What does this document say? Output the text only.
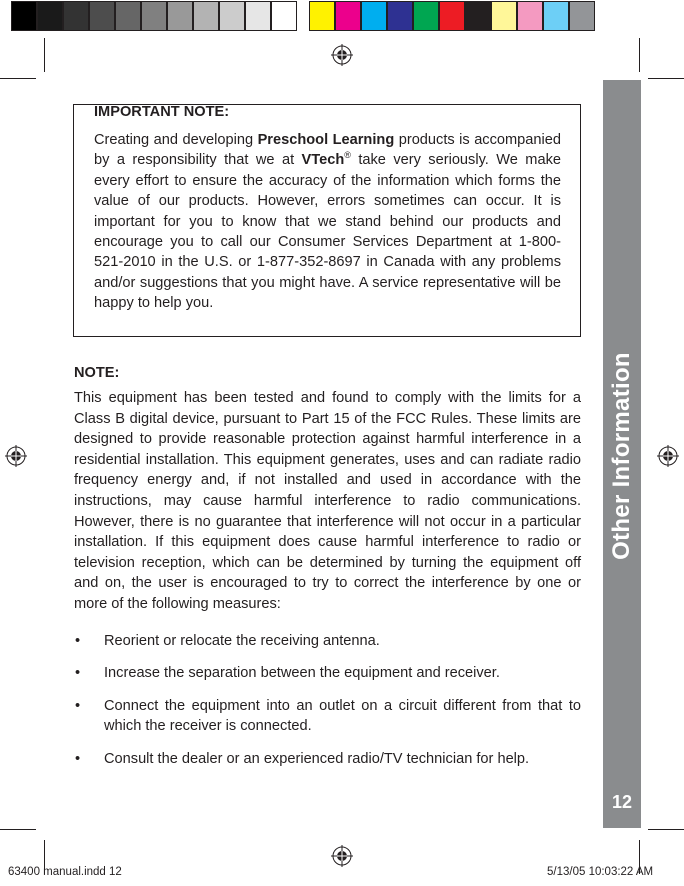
IMPORTANT NOTE:

Creating and developing Preschool Learning products is accompanied by a responsibility that we at VTech® take very seriously. We make every effort to ensure the accuracy of the information which forms the value of our products. However, errors sometimes can occur. It is important for you to know that we stand behind our products and encourage you to call our Consumer Services Department at 1-800-521-2010 in the U.S. or 1-877-352-8697 in Canada with any problems and/or suggestions that you might have. A service representative will be happy to help you.

NOTE:

This equipment has been tested and found to comply with the limits for a Class B digital device, pursuant to Part 15 of the FCC Rules. These limits are designed to provide reasonable protection against harmful interference in a residential installation. This equipment generates, uses and can radiate radio frequency energy and, if not installed and used in accordance with the instructions, may cause harmful interference to radio communications. However, there is no guarantee that interference will not occur in a particular installation. If this equipment does cause harmful interference to radio or television reception, which can be determined by turning the equipment off and on, the user is encouraged to try to correct the interference by one or more of the following measures:

• Reorient or relocate the receiving antenna.
• Increase the separation between the equipment and receiver.
• Connect the equipment into an outlet on a circuit different from that to which the receiver is connected.
• Consult the dealer or an experienced radio/TV technician for help.
Other Information
12
63400 manual.indd 12	5/13/05 10:03:22 AM
